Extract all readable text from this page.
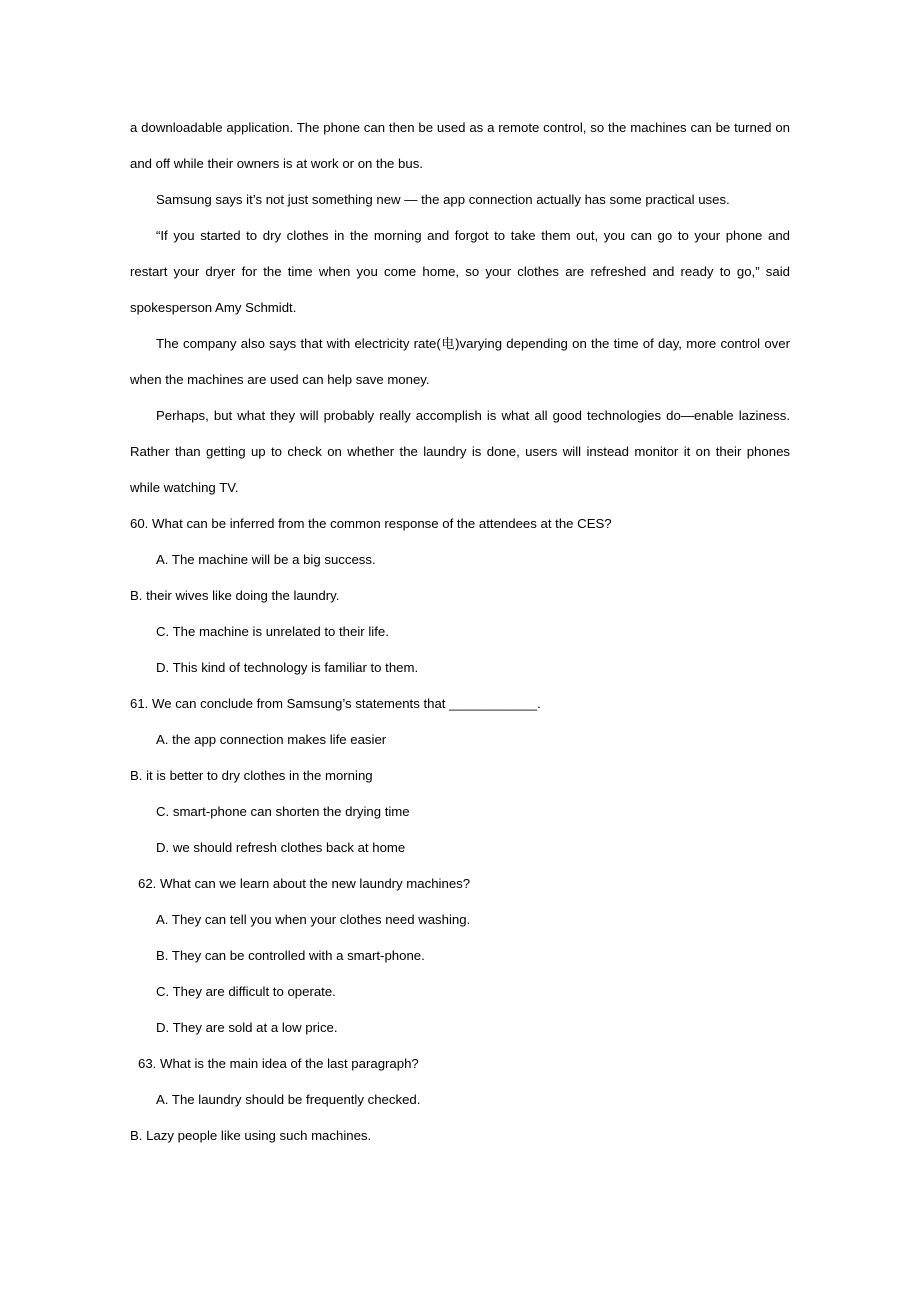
a downloadable application. The phone can then be used as a remote control, so the machines can be turned on and off while their owners is at work or on the bus.

Samsung says it’s not just something new — the app connection actually has some practical uses.

“If you started to dry clothes in the morning and forgot to take them out, you can go to your phone and restart your dryer for the time when you come home, so your clothes are refreshed and ready to go,” said spokesperson Amy Schmidt.

The company also says that with electricity rate(电)varying depending on the time of day, more control over when the machines are used can help save money.

Perhaps, but what they will probably really accomplish is what all good technologies do—enable laziness. Rather than getting up to check on whether the laundry is done, users will instead monitor it on their phones while watching TV.

60. What can be inferred from the common response of the attendees at the CES?

A. The machine will be a big success.

B. their wives like doing the laundry.

C. The machine is unrelated to their life.

D. This kind of technology is familiar to them.

61. We can conclude from Samsung’s statements that ____________.

A. the app connection makes life easier

B. it is better to dry clothes in the morning

C. smart-phone can shorten the drying time

D. we should refresh clothes back at home

62. What can we learn about the new laundry machines?

A. They can tell you when your clothes need washing.

B. They can be controlled with a smart-phone.

C. They are difficult to operate.

D. They are sold at a low price.

63. What is the main idea of the last paragraph?

A. The laundry should be frequently checked.

B. Lazy people like using such machines.
